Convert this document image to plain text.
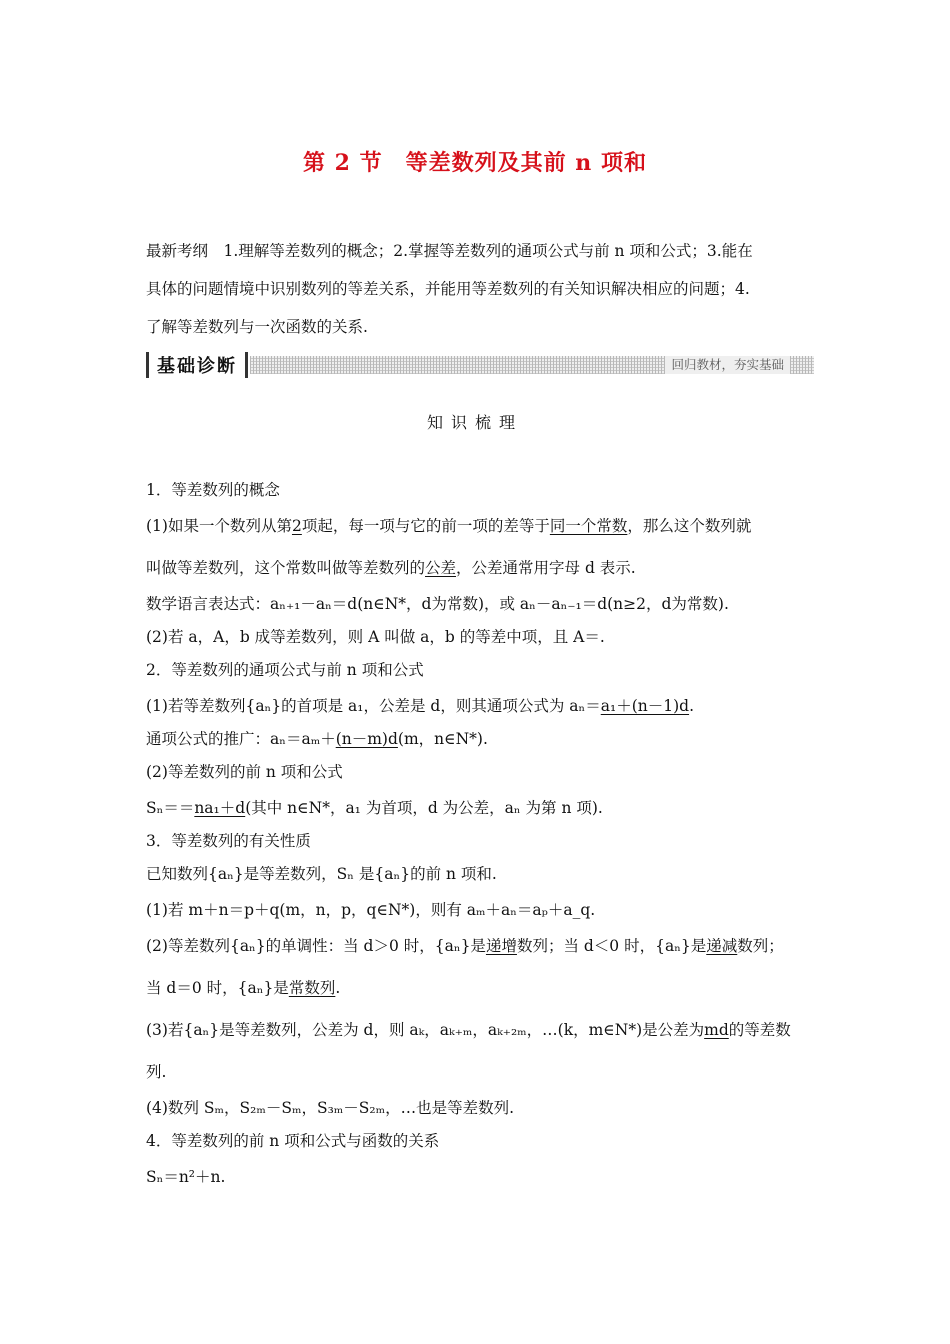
第 2 节　等差数列及其前 n 项和
最新考纲　1.理解等差数列的概念；2.掌握等差数列的通项公式与前 n 项和公式；3.能在
具体的问题情境中识别数列的等差关系，并能用等差数列的有关知识解决相应的问题；4.
了解等差数列与一次函数的关系.
基础诊断	回归教材，夯实基础
知识梳理
1．等差数列的概念
(1)如果一个数列从第2项起，每一项与它的前一项的差等于同一个常数，那么这个数列就
叫做等差数列，这个常数叫做等差数列的公差，公差通常用字母 d 表示.
数学语言表达式：aₙ₊₁－aₙ＝d(n∈N*，d为常数)，或 aₙ－aₙ₋₁＝d(n≥2，d为常数).
(2)若 a，A，b 成等差数列，则 A 叫做 a，b 的等差中项，且 A＝.
2．等差数列的通项公式与前 n 项和公式
(1)若等差数列{aₙ}的首项是 a₁，公差是 d，则其通项公式为 aₙ＝a₁＋(n－1)d.
通项公式的推广：aₙ＝aₘ＋(n－m)d(m，n∈N*).
(2)等差数列的前 n 项和公式
Sₙ＝＝na₁＋d(其中 n∈N*，a₁ 为首项，d 为公差，aₙ 为第 n 项).
3．等差数列的有关性质
已知数列{aₙ}是等差数列，Sₙ 是{aₙ}的前 n 项和.
(1)若 m＋n＝p＋q(m，n，p，q∈N*)，则有 aₘ＋aₙ＝aₚ＋a_q.
(2)等差数列{aₙ}的单调性：当 d＞0 时，{aₙ}是递增数列；当 d＜0 时，{aₙ}是递减数列；
当 d＝0 时，{aₙ}是常数列.
(3)若{aₙ}是等差数列，公差为 d，则 aₖ，aₖ₊ₘ，aₖ₊₂ₘ，…(k，m∈N*)是公差为md的等差数
列.
(4)数列 Sₘ，S₂ₘ－Sₘ，S₃ₘ－S₂ₘ，…也是等差数列.
4．等差数列的前 n 项和公式与函数的关系
Sₙ＝n²＋n.
